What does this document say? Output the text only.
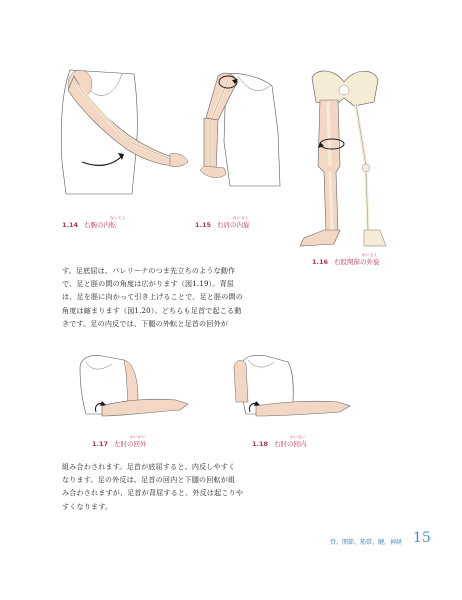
1.14 右腕の内転
ないてん
1.15 右肩の内旋
ないせん
1.16 右股関節の外旋
がいせん
1.17 左肘の回外
かいがい
1.18 右肘の回内
かいない

す。足底屈は、バレリーナのつま先立ちのような動作

で、足と脛の間の角度は広がります（図1.19）。背屈

は、足を脛に向かって引き上げることで、足と脛の間の

角度は縮まります（図1.20）。どちらも足首で起こる動

きです。足の内反では、下腿の外転と足首の回外が

組み合わされます。足首が底屈すると、内反しやすく

なります。足の外反は、足首の回内と下腿の回転が組

み合わされますが、足首が背屈すると、外反は起こりや

すくなります。

骨、関節、筋帯、腱、神経 15
